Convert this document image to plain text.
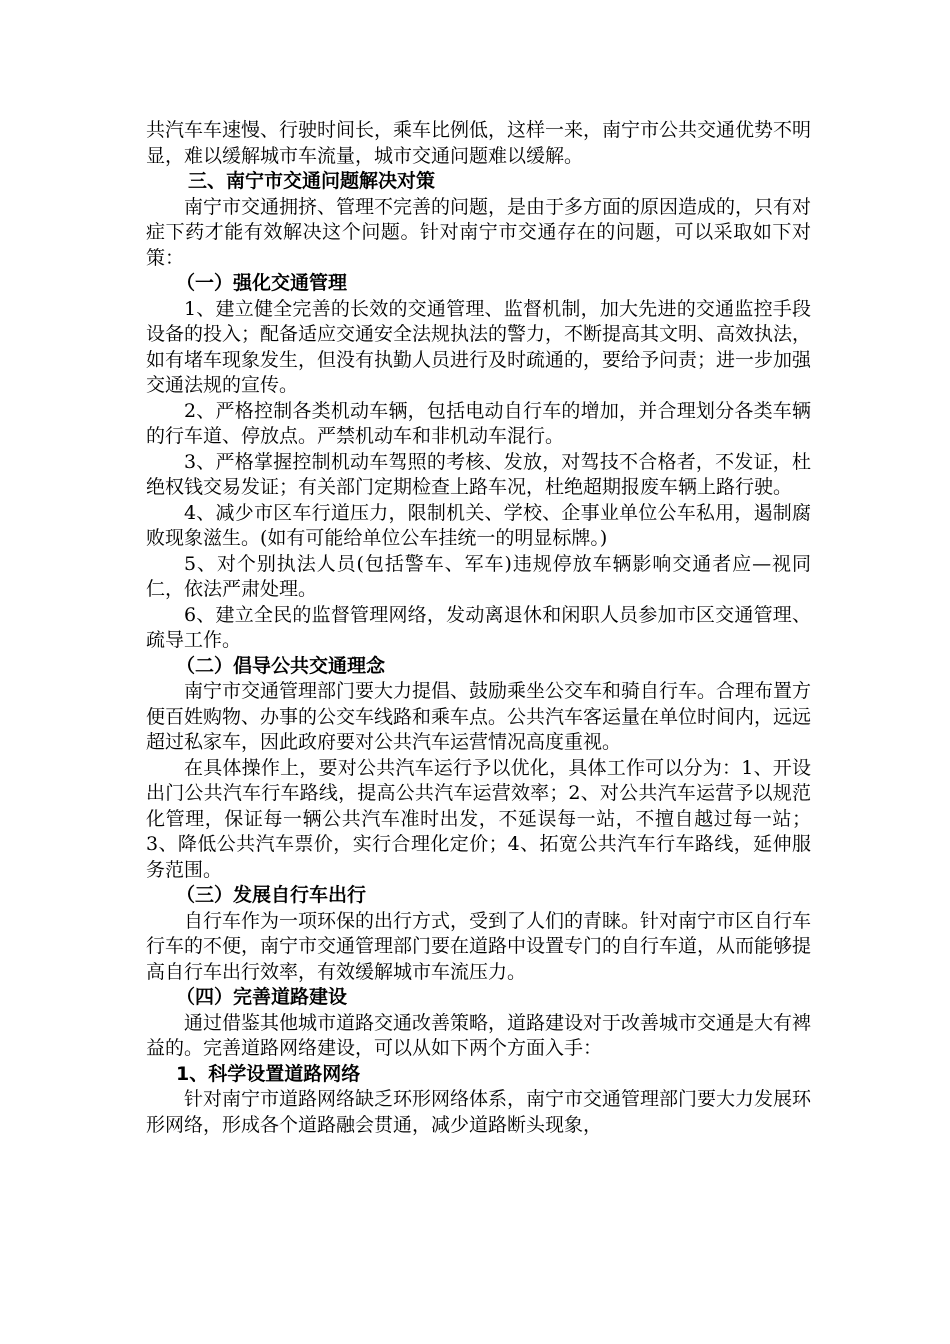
共汽车车速慢、行驶时间长，乘车比例低，这样一来，南宁市公共交通优势不明显，难以缓解城市车流量，城市交通问题难以缓解。

三、南宁市交通问题解决对策

南宁市交通拥挤、管理不完善的问题，是由于多方面的原因造成的，只有对症下药才能有效解决这个问题。针对南宁市交通存在的问题，可以采取如下对策：

（一）强化交通管理

1、建立健全完善的长效的交通管理、监督机制，加大先进的交通监控手段设备的投入；配备适应交通安全法规执法的警力，不断提高其文明、高效执法，如有堵车现象发生，但没有执勤人员进行及时疏通的，要给予问责；进一步加强交通法规的宣传。

2、严格控制各类机动车辆，包括电动自行车的增加，并合理划分各类车辆的行车道、停放点。严禁机动车和非机动车混行。

3、严格掌握控制机动车驾照的考核、发放，对驾技不合格者，不发证，杜绝权钱交易发证；有关部门定期检查上路车况，杜绝超期报废车辆上路行驶。

4、减少市区车行道压力，限制机关、学校、企事业单位公车私用，遏制腐败现象滋生。(如有可能给单位公车挂统一的明显标牌。)

5、对个别执法人员(包括警车、军车)违规停放车辆影响交通者应—视同仁，依法严肃处理。

6、建立全民的监督管理网络，发动离退休和闲职人员参加市区交通管理、疏导工作。

（二）倡导公共交通理念

南宁市交通管理部门要大力提倡、鼓励乘坐公交车和骑自行车。合理布置方便百姓购物、办事的公交车线路和乘车点。公共汽车客运量在单位时间内，远远超过私家车，因此政府要对公共汽车运营情况高度重视。

在具体操作上，要对公共汽车运行予以优化，具体工作可以分为：1、开设出门公共汽车行车路线，提高公共汽车运营效率；2、对公共汽车运营予以规范化管理，保证每一辆公共汽车准时出发，不延误每一站，不擅自越过每一站；3、降低公共汽车票价，实行合理化定价；4、拓宽公共汽车行车路线，延伸服务范围。

（三）发展自行车出行

自行车作为一项环保的出行方式，受到了人们的青睐。针对南宁市区自行车行车的不便，南宁市交通管理部门要在道路中设置专门的自行车道，从而能够提高自行车出行效率，有效缓解城市车流压力。

（四）完善道路建设

通过借鉴其他城市道路交通改善策略，道路建设对于改善城市交通是大有裨益的。完善道路网络建设，可以从如下两个方面入手：

1、科学设置道路网络

针对南宁市道路网络缺乏环形网络体系，南宁市交通管理部门要大力发展环形网络，形成各个道路融会贯通，减少道路断头现象，
